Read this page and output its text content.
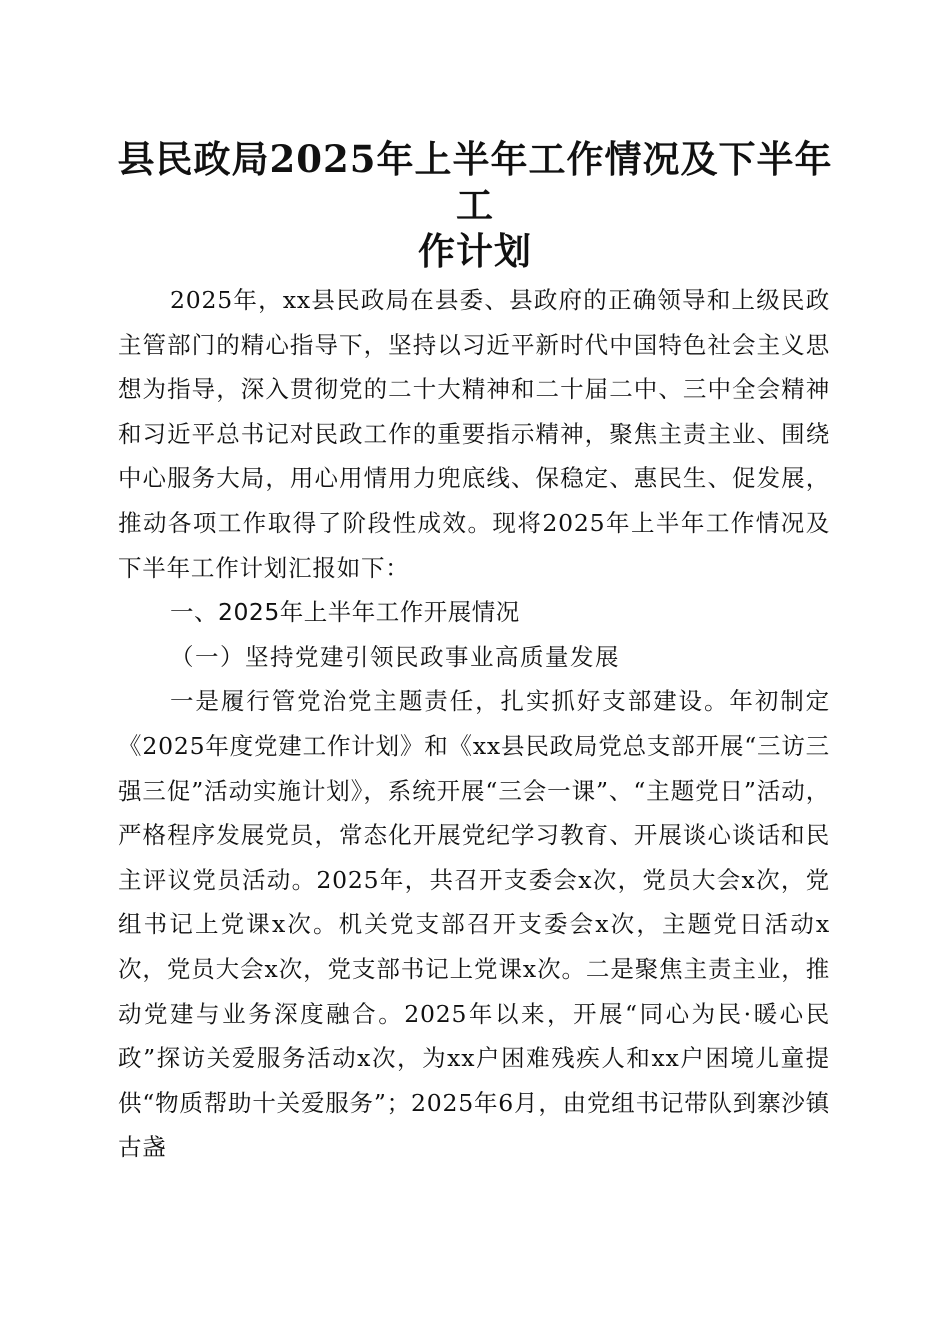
县民政局2025年上半年工作情况及下半年工
作计划

2025年，xx县民政局在县委、县政府的正确领导和上级民政主管部门的精心指导下，坚持以习近平新时代中国特色社会主义思想为指导，深入贯彻党的二十大精神和二十届二中、三中全会精神和习近平总书记对民政工作的重要指示精神，聚焦主责主业、围绕中心服务大局，用心用情用力兜底线、保稳定、惠民生、促发展，推动各项工作取得了阶段性成效。现将2025年上半年工作情况及下半年工作计划汇报如下：

一、2025年上半年工作开展情况

（一）坚持党建引领民政事业高质量发展

一是履行管党治党主题责任，扎实抓好支部建设。年初制定《2025年度党建工作计划》和《xx县民政局党总支部开展“三访三强三促”活动实施计划》，系统开展“三会一课”、“主题党日”活动，严格程序发展党员，常态化开展党纪学习教育、开展谈心谈话和民主评议党员活动。2025年，共召开支委会x次，党员大会x次，党组书记上党课x次。机关党支部召开支委会x次，主题党日活动x次，党员大会x次，党支部书记上党课x次。二是聚焦主责主业，推动党建与业务深度融合。2025年以来，开展“同心为民·暖心民政”探访关爱服务活动x次，为xx户困难残疾人和xx户困境儿童提供“物质帮助十关爱服务”；2025年6月，由党组书记带队到寨沙镇古盏
